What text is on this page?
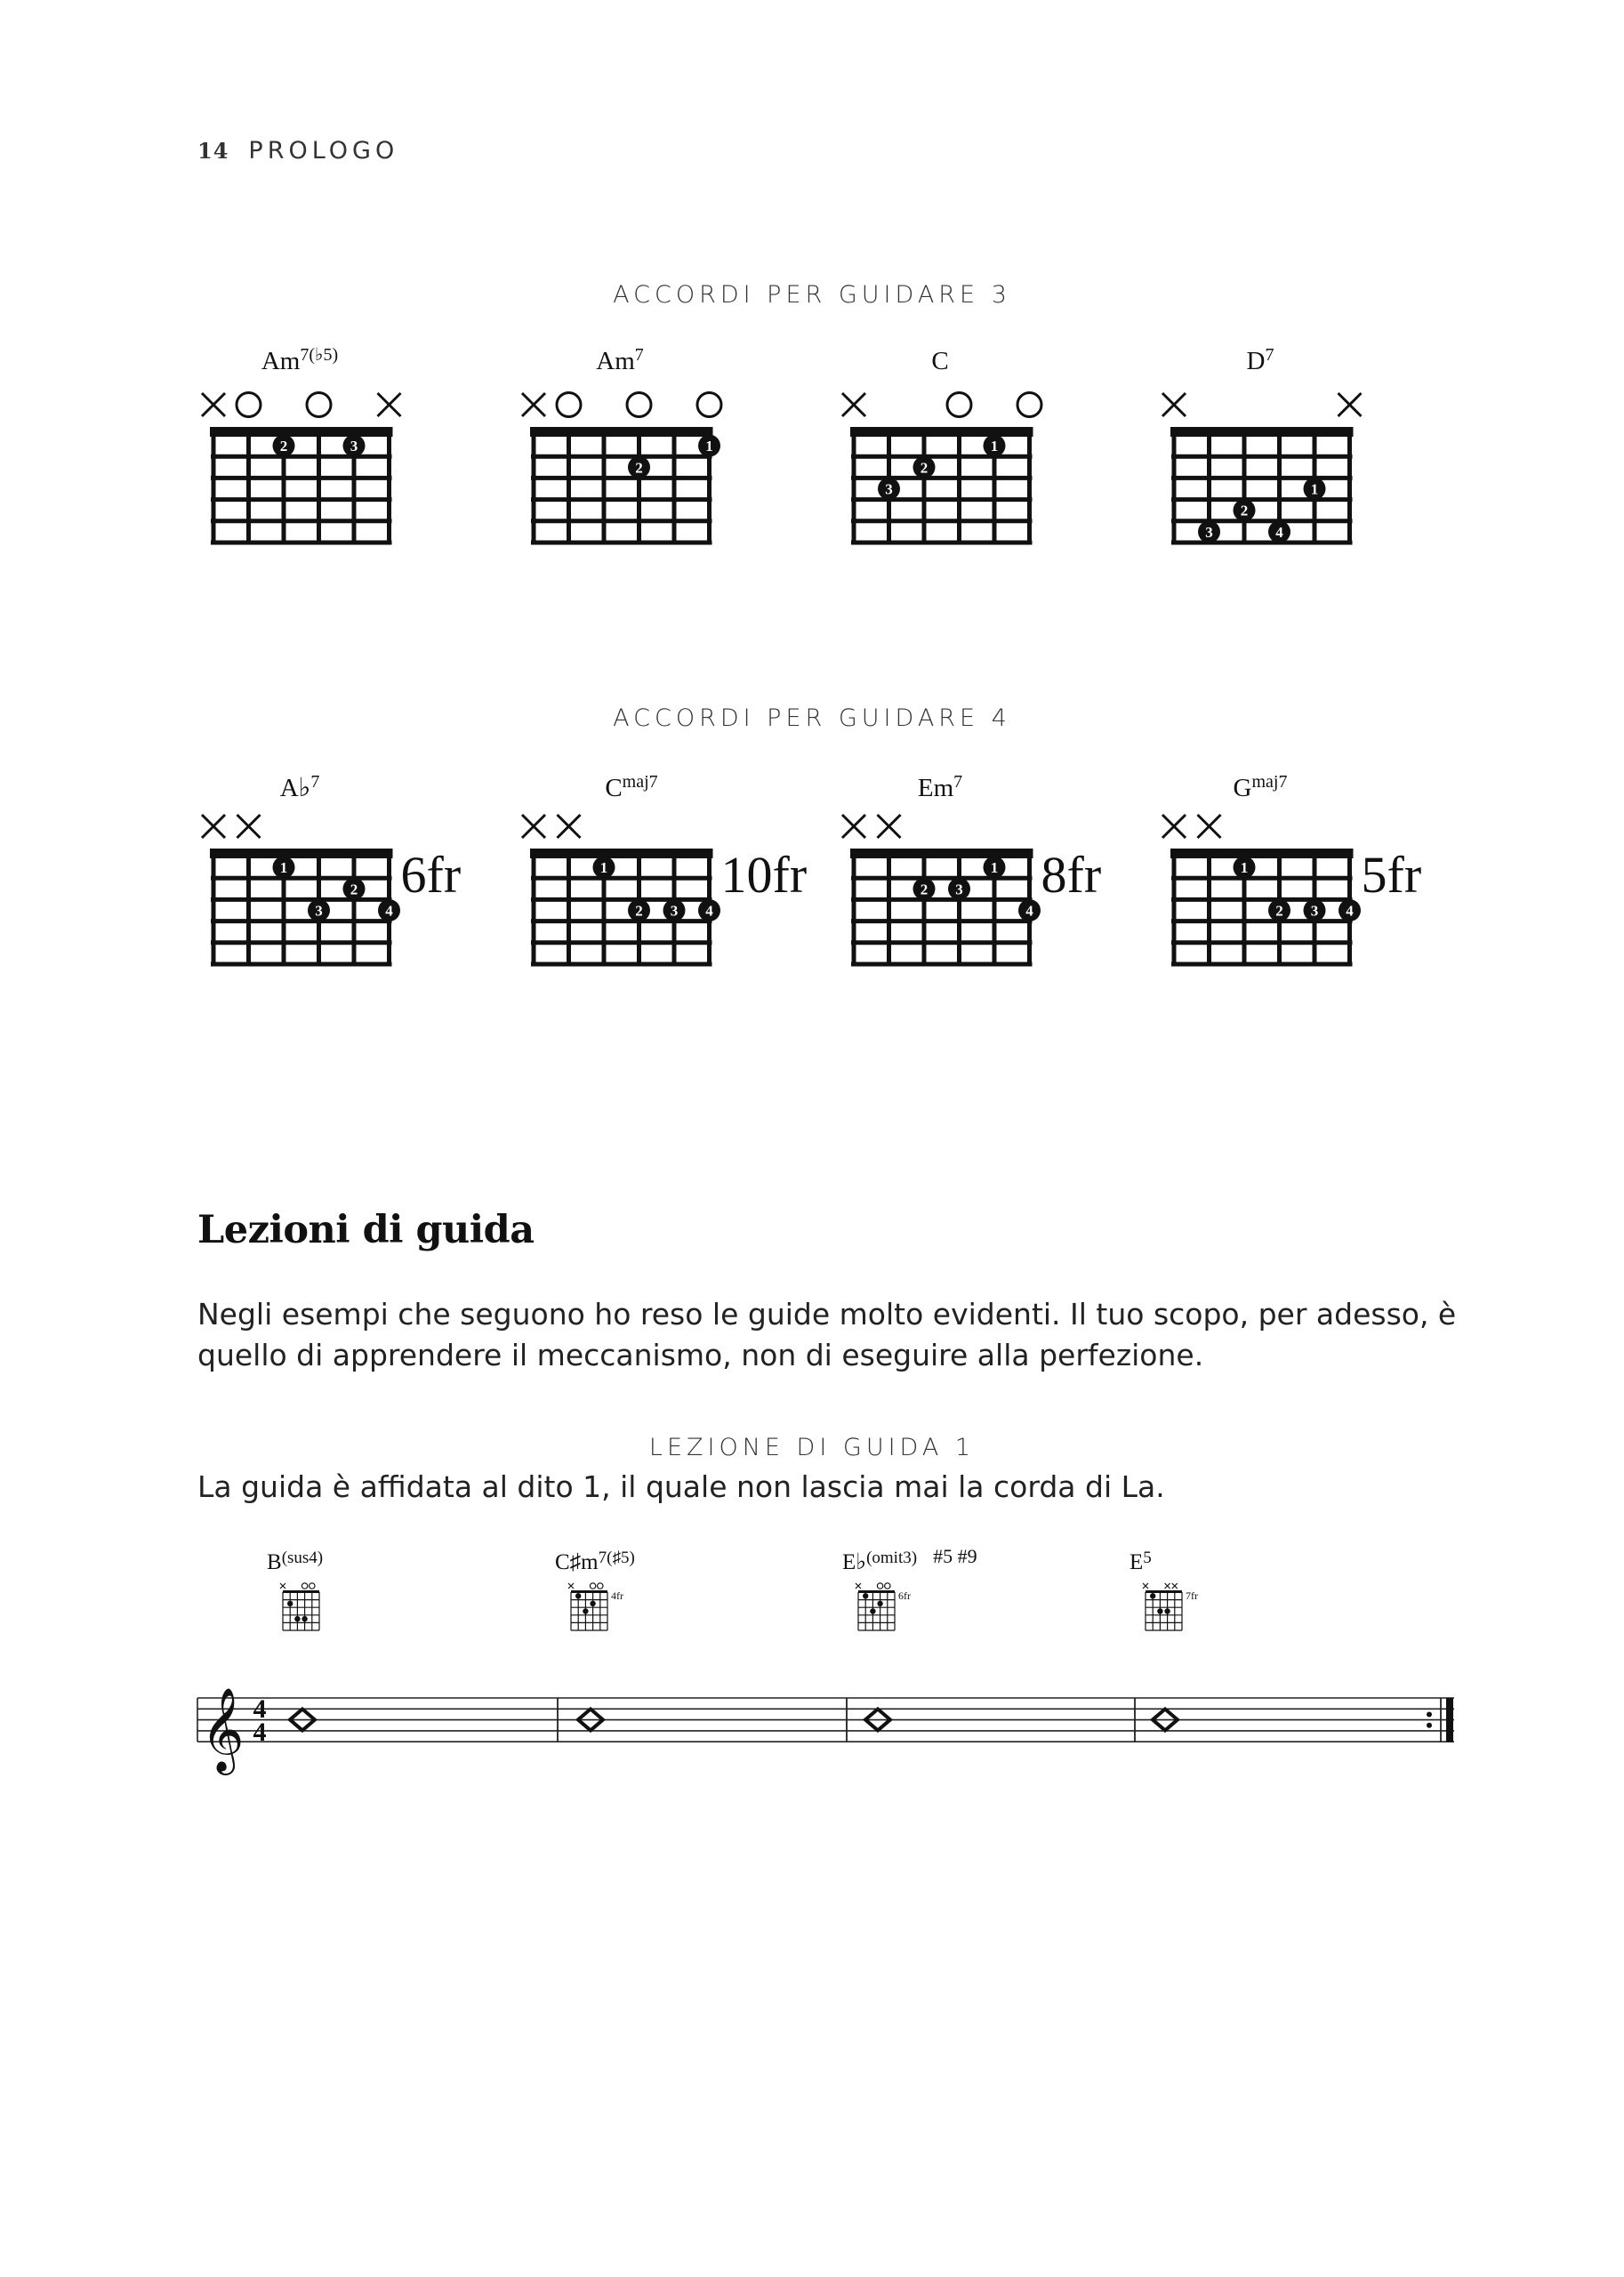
14 PROLOGO
ACCORDI PER GUIDARE 3
$Am^{7(♭5)}$
2	3
Am$^7$
2
1
C
3
2
1
$D^7$
1
2
3	4
ACCORDI PER GUIDARE 4
A♭$^7$
1
2
3	4
6fr
$C^{maj7}$
1
2 3 4
10fr
Em$^7$
1
2 3
4
8fr
$G^{maj7}$
1
2 3 4
5fr
Lezioni di guida
Negli esempi che seguono ho reso le guide molto evidenti. Il tuo scopo, per adesso, è quello di apprendere il meccanismo, non di eseguire alla perfezione.
LEZIONE DI GUIDA 1
La guida è affidata al dito 1, il quale non lascia mai la corda di La.
$B^{(sus4)}$	$C♯m^{7(♯5)}$
4fr
E♭$^{(omit3)}$ #5 #9
6fr
$E^5$
7fr
𝄞 4
4
